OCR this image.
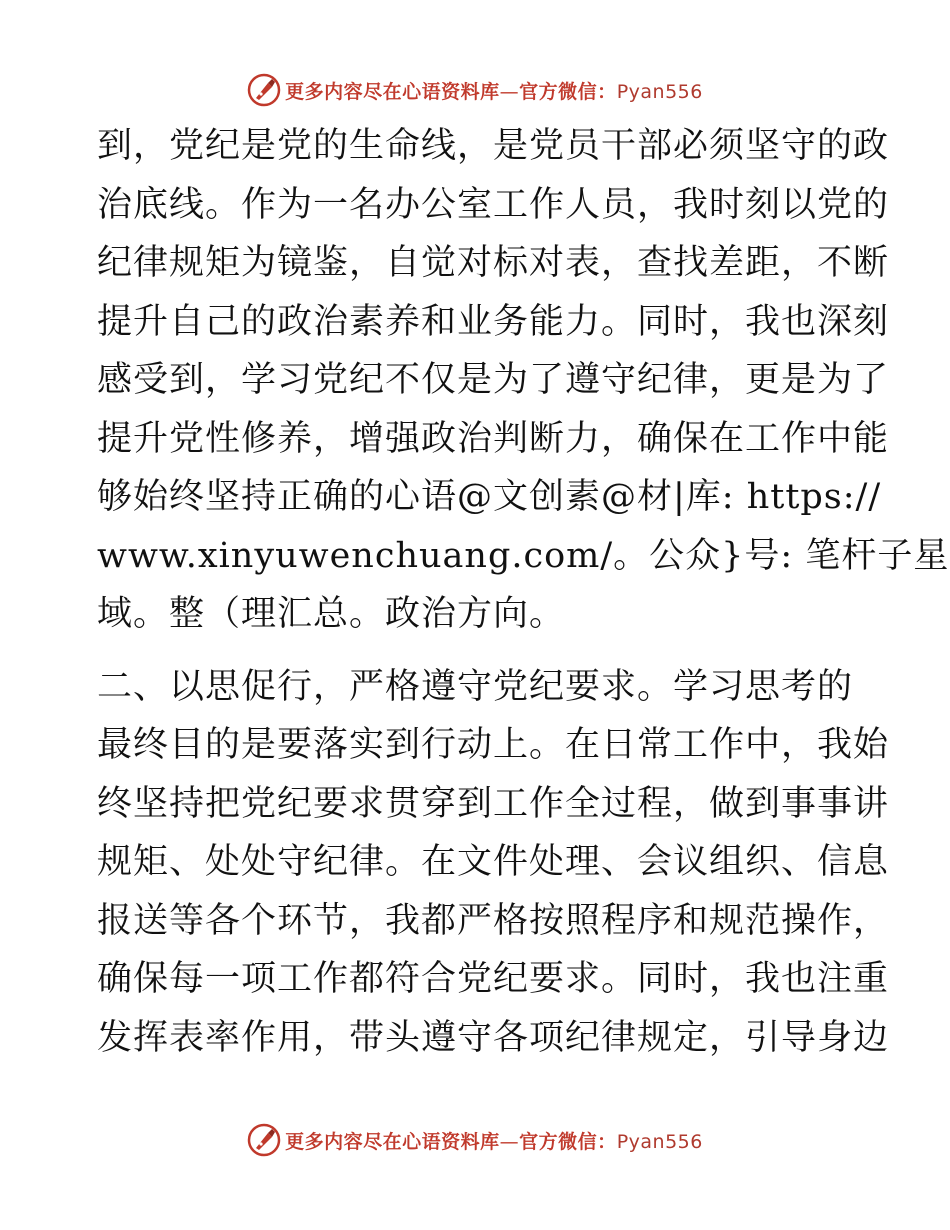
更多内容尽在心语资料库—官方微信：Pyan556
到，党纪是党的生命线，是党员干部必须坚守的政
治底线。作为一名办公室工作人员，我时刻以党的
纪律规矩为镜鉴，自觉对标对表，查找差距，不断
提升自己的政治素养和业务能力。同时，我也深刻
感受到，学习党纪不仅是为了遵守纪律，更是为了
提升党性修养，增强政治判断力，确保在工作中能
够始终坚持正确的心语@文创素@材|库: https://
www.xinyuwenchuang.com/。公众}号: 笔杆子星
域。整（理汇总。政治方向。
二、以思促行，严格遵守党纪要求。学习思考的
最终目的是要落实到行动上。在日常工作中，我始
终坚持把党纪要求贯穿到工作全过程，做到事事讲
规矩、处处守纪律。在文件处理、会议组织、信息
报送等各个环节，我都严格按照程序和规范操作，
确保每一项工作都符合党纪要求。同时，我也注重
发挥表率作用，带头遵守各项纪律规定，引导身边
更多内容尽在心语资料库—官方微信：Pyan556
